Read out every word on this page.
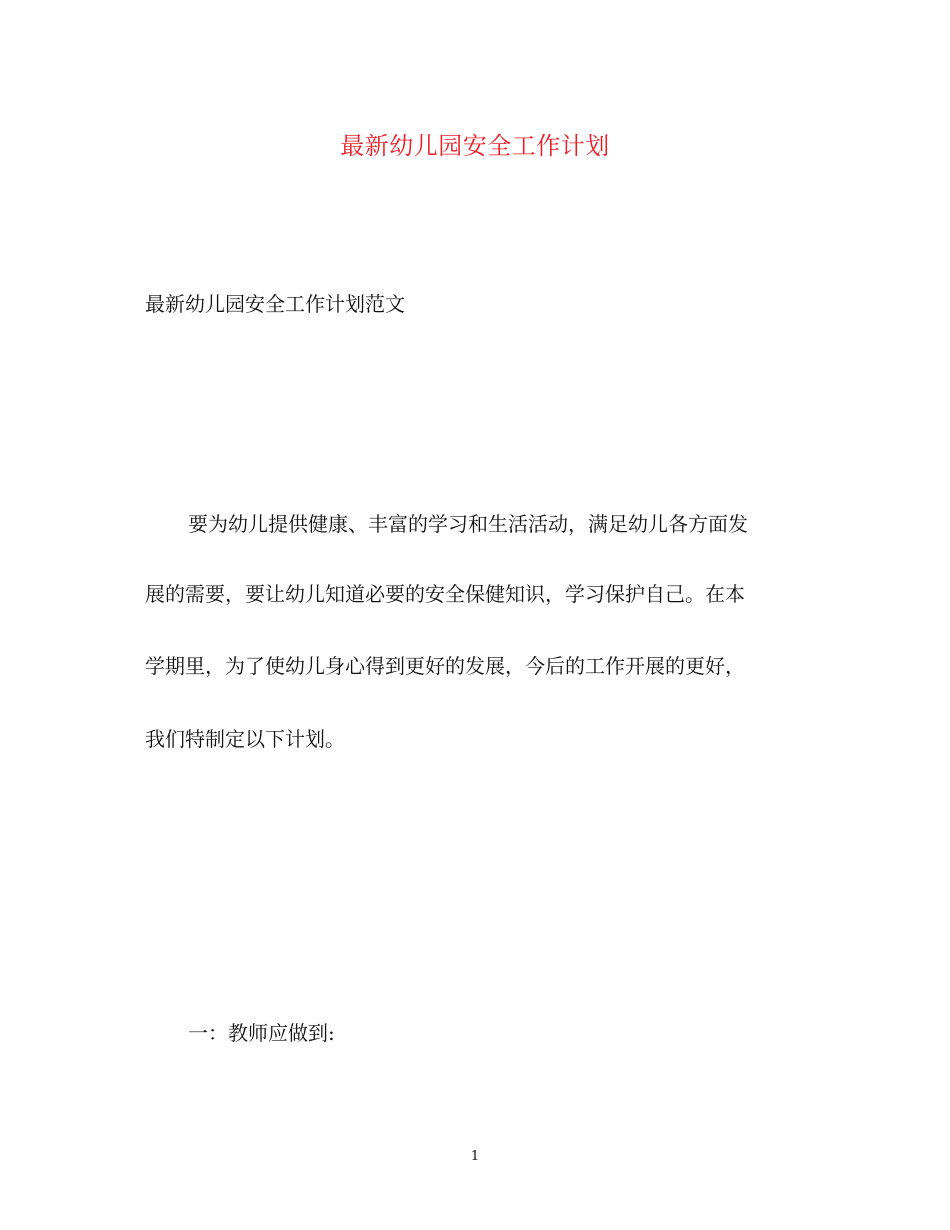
最新幼儿园安全工作计划
最新幼儿园安全工作计划范文
要为幼儿提供健康、丰富的学习和生活活动，满足幼儿各方面发
展的需要，要让幼儿知道必要的安全保健知识，学习保护自己。在本
学期里，为了使幼儿身心得到更好的发展，今后的工作开展的更好，
我们特制定以下计划。
一：教师应做到:
1
